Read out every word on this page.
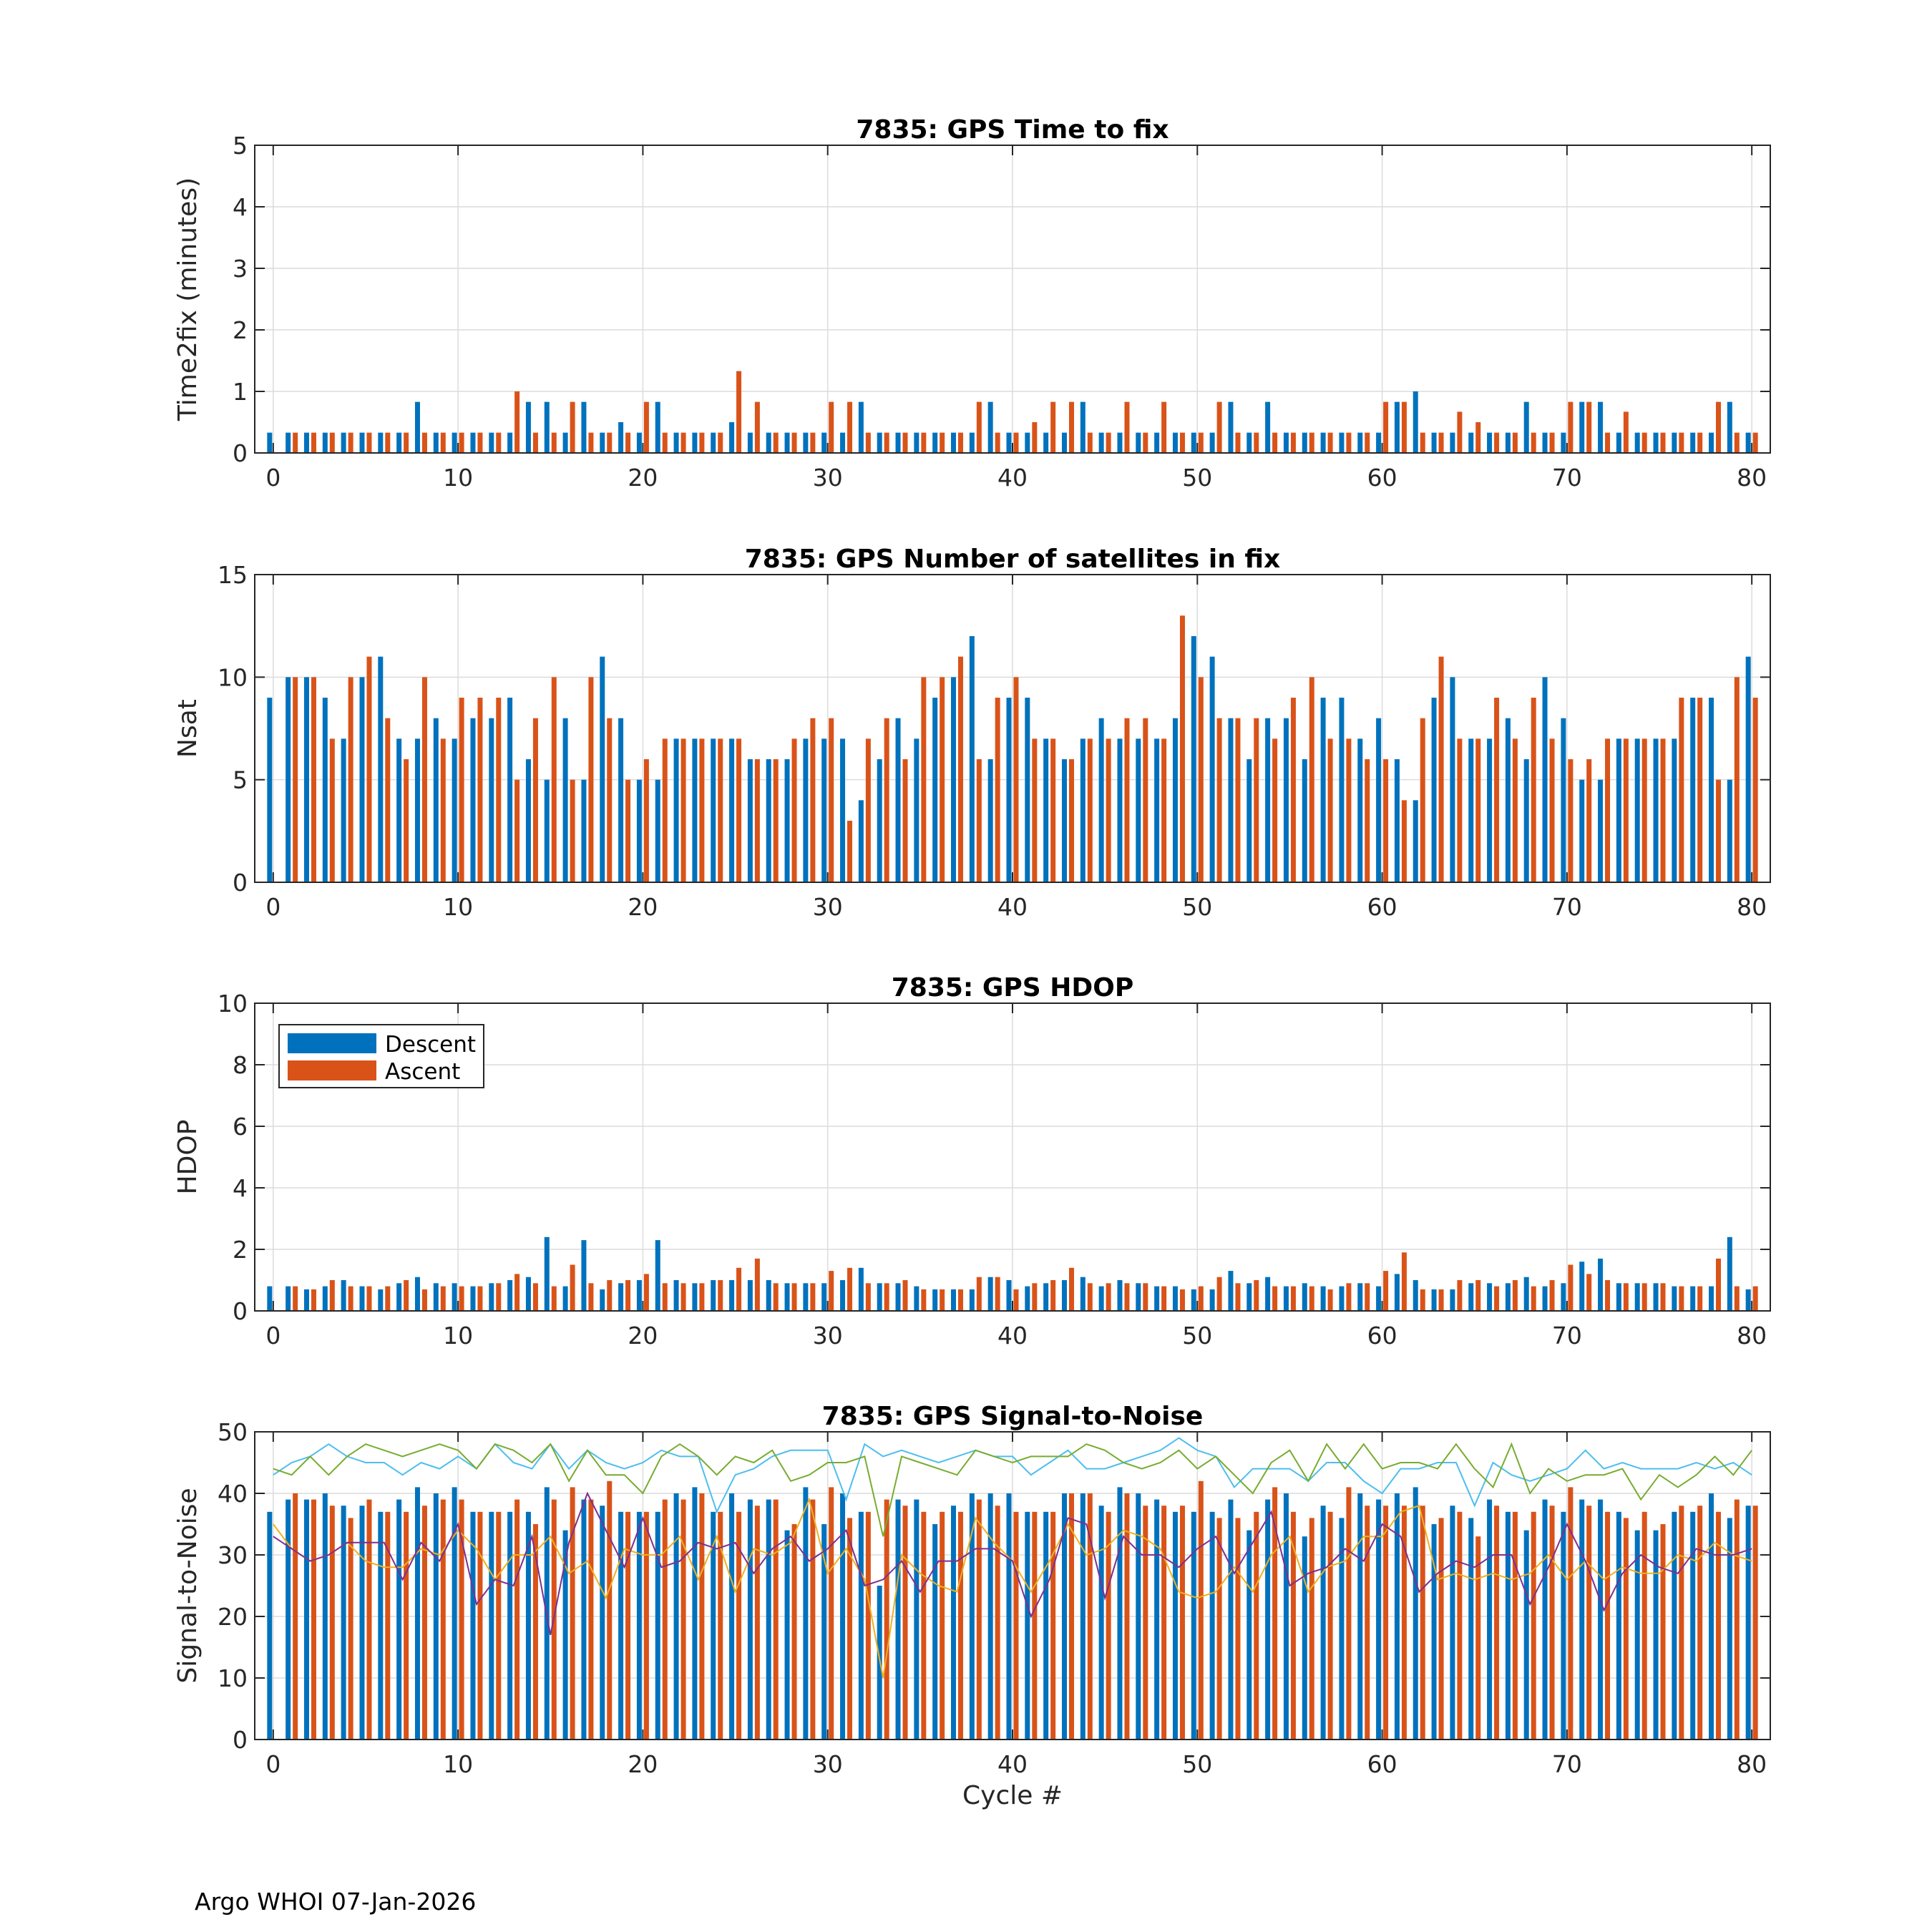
0	10	20	30	40	50	60	70	80
0
1
2
3
4
5
7835: GPS Time to fix
Time2fix (minutes)
0	10	20	30	40	50	60	70	80
0
5
10
15
7835: GPS Number of satellites in fix
Nsat
0	10	20	30	40	50	60	70	80
0
2
4
6
8
10
7835: GPS HDOP
HDOP
Descent
Ascent
0	10	20	30	40	50	60	70	80
0
10
20
30
40
50
7835: GPS Signal-to-Noise
Signal-to-Noise
Cycle #
Argo WHOI 07-Jan-2026
